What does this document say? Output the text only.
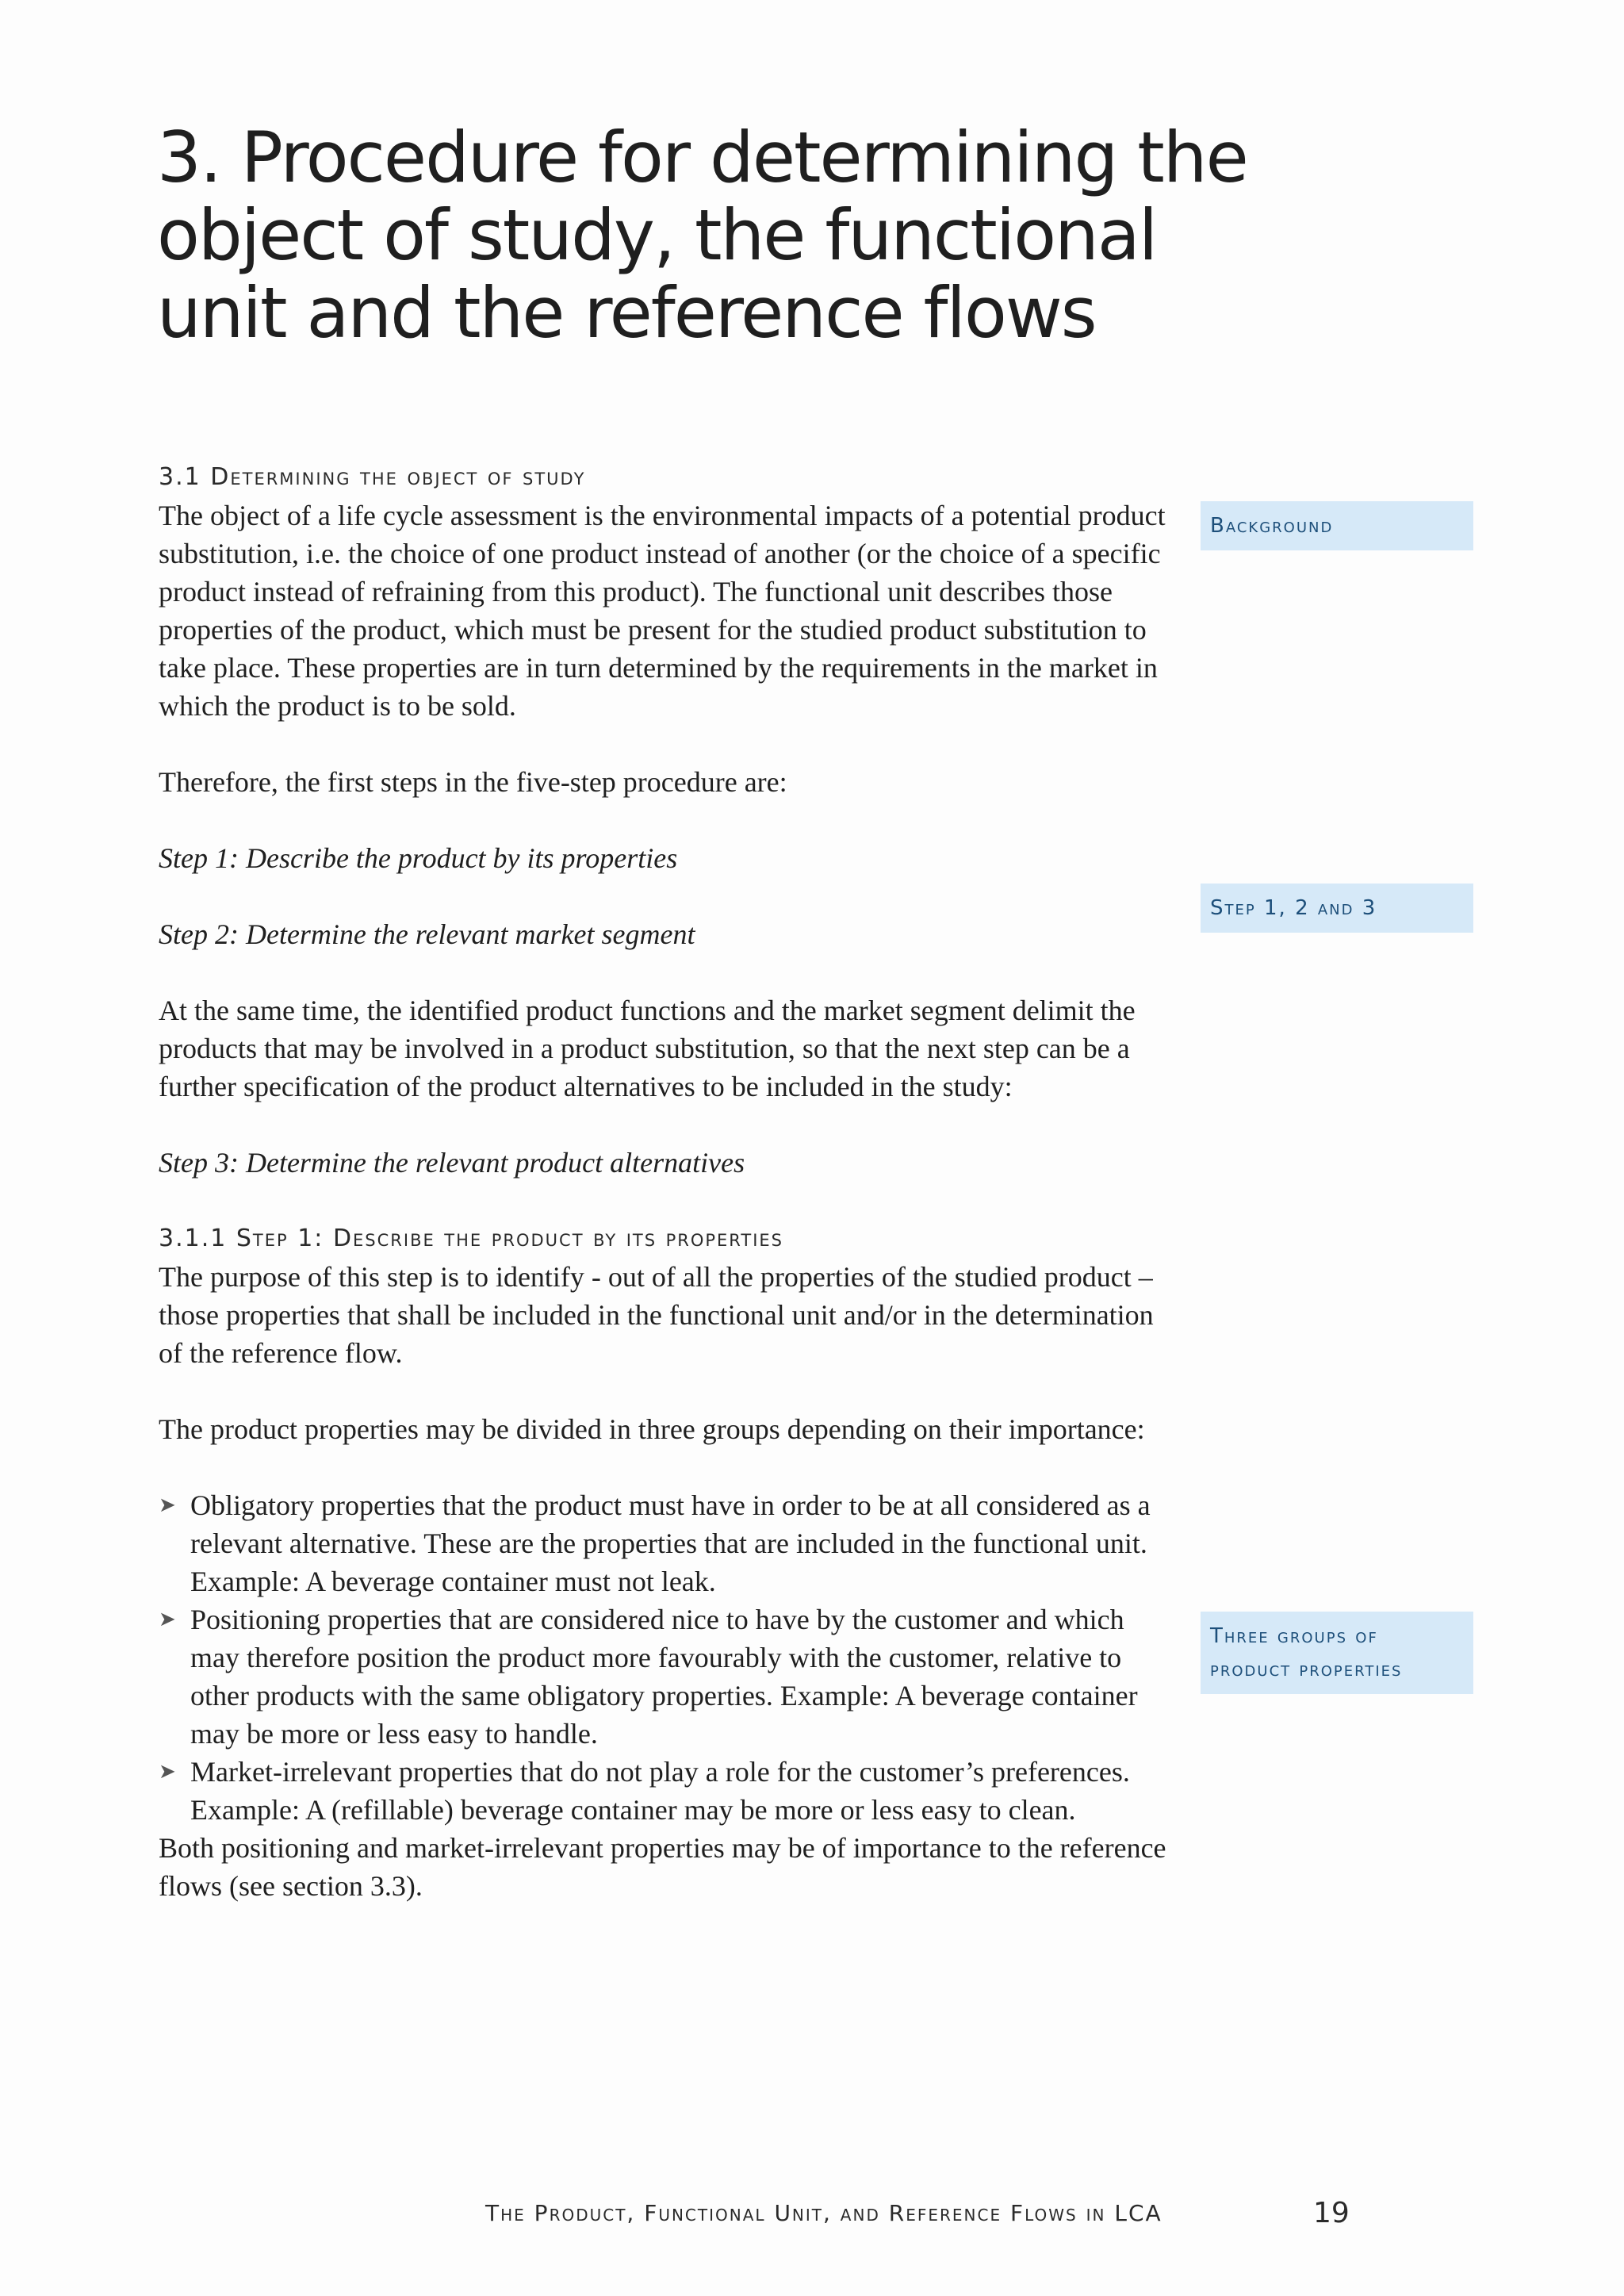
3. Procedure for determining the object of study, the functional unit and the reference flows

3.1 Determining the object of study

The object of a life cycle assessment is the environmental impacts of a potential product substitution, i.e. the choice of one product instead of another (or the choice of a specific product instead of refraining from this product). The functional unit describes those properties of the product, which must be present for the studied product substitution to take place. These properties are in turn determined by the requirements in the market in which the product is to be sold.

Therefore, the first steps in the five-step procedure are:

Step 1: Describe the product by its properties

Step 2: Determine the relevant market segment

At the same time, the identified product functions and the market segment delimit the products that may be involved in a product substitution, so that the next step can be a further specification of the product alternatives to be included in the study:

Step 3: Determine the relevant product alternatives

3.1.1 Step 1: Describe the product by its properties

The purpose of this step is to identify - out of all the properties of the studied product – those properties that shall be included in the functional unit and/or in the determination of the reference flow.

The product properties may be divided in three groups depending on their importance:

➤ Obligatory properties that the product must have in order to be at all considered as a relevant alternative. These are the properties that are included in the functional unit. Example: A beverage container must not leak.
➤ Positioning properties that are considered nice to have by the customer and which may therefore position the product more favourably with the customer, relative to other products with the same obligatory properties. Example: A beverage container may be more or less easy to handle.
➤ Market-irrelevant properties that do not play a role for the customer’s preferences. Example: A (refillable) beverage container may be more or less easy to clean.

Both positioning and market-irrelevant properties may be of importance to the reference flows (see section 3.3).

Background
Step 1, 2 and 3
Three groups of product properties
The Product, Functional Unit, and Reference Flows in LCA	19
